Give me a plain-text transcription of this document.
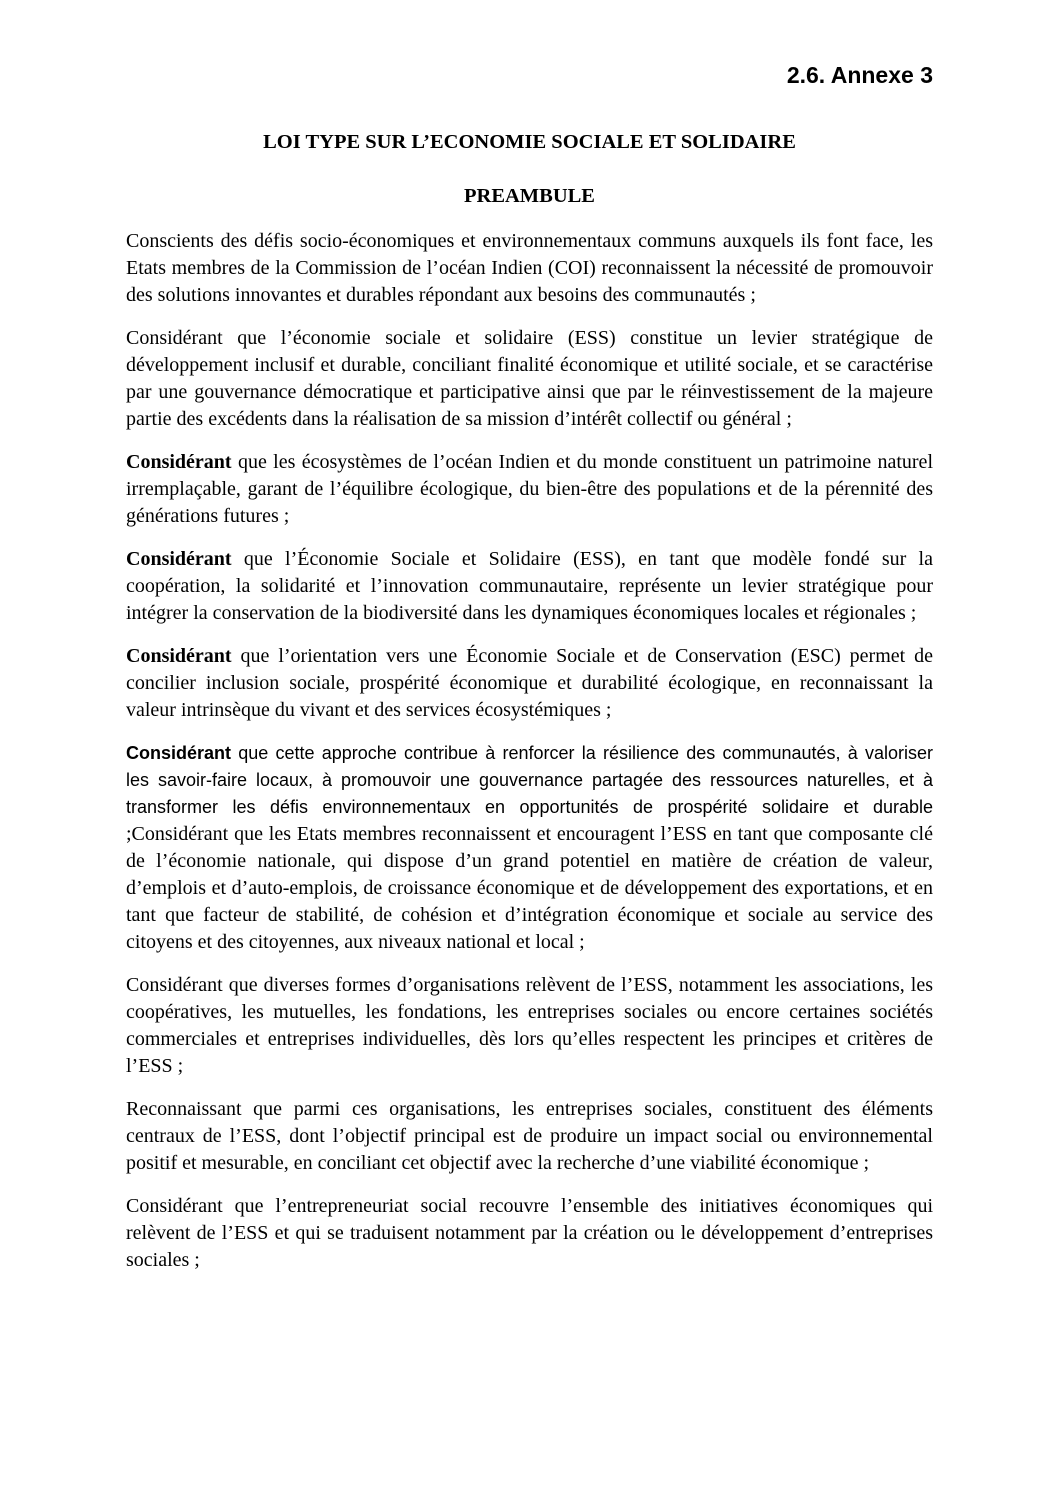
2.6. Annexe 3
LOI TYPE SUR L’ECONOMIE SOCIALE ET SOLIDAIRE
PREAMBULE

Conscients des défis socio-économiques et environnementaux communs auxquels ils font face, les Etats membres de la Commission de l’océan Indien (COI) reconnaissent la nécessité de promouvoir des solutions innovantes et durables répondant aux besoins des communautés ;

Considérant que l’économie sociale et solidaire (ESS) constitue un levier stratégique de développement inclusif et durable, conciliant finalité économique et utilité sociale, et se caractérise par une gouvernance démocratique et participative ainsi que par le réinvestissement de la majeure partie des excédents dans la réalisation de sa mission d’intérêt collectif ou général ;

Considérant que les écosystèmes de l’océan Indien et du monde constituent un patrimoine naturel irremplaçable, garant de l’équilibre écologique, du bien-être des populations et de la pérennité des générations futures ;

Considérant que l’Économie Sociale et Solidaire (ESS), en tant que modèle fondé sur la coopération, la solidarité et l’innovation communautaire, représente un levier stratégique pour intégrer la conservation de la biodiversité dans les dynamiques économiques locales et régionales ;

Considérant que l’orientation vers une Économie Sociale et de Conservation (ESC) permet de concilier inclusion sociale, prospérité économique et durabilité écologique, en reconnaissant la valeur intrinsèque du vivant et des services écosystémiques ;

Considérant que cette approche contribue à renforcer la résilience des communautés, à valoriser les savoir-faire locaux, à promouvoir une gouvernance partagée des ressources naturelles, et à transformer les défis environnementaux en opportunités de prospérité solidaire et durable ;Considérant que les Etats membres reconnaissent et encouragent l’ESS en tant que composante clé de l’économie nationale, qui dispose d’un grand potentiel en matière de création de valeur, d’emplois et d’auto-emplois, de croissance économique et de développement des exportations, et en tant que facteur de stabilité, de cohésion et d’intégration économique et sociale au service des citoyens et des citoyennes, aux niveaux national et local ;

Considérant que diverses formes d’organisations relèvent de l’ESS, notamment les associations, les coopératives, les mutuelles, les fondations, les entreprises sociales ou encore certaines sociétés commerciales et entreprises individuelles, dès lors qu’elles respectent les principes et critères de l’ESS ;

Reconnaissant que parmi ces organisations, les entreprises sociales, constituent des éléments centraux de l’ESS, dont l’objectif principal est de produire un impact social ou environnemental positif et mesurable, en conciliant cet objectif avec la recherche d’une viabilité économique ;

Considérant que l’entrepreneuriat social recouvre l’ensemble des initiatives économiques qui relèvent de l’ESS et qui se traduisent notamment par la création ou le développement d’entreprises sociales ;
